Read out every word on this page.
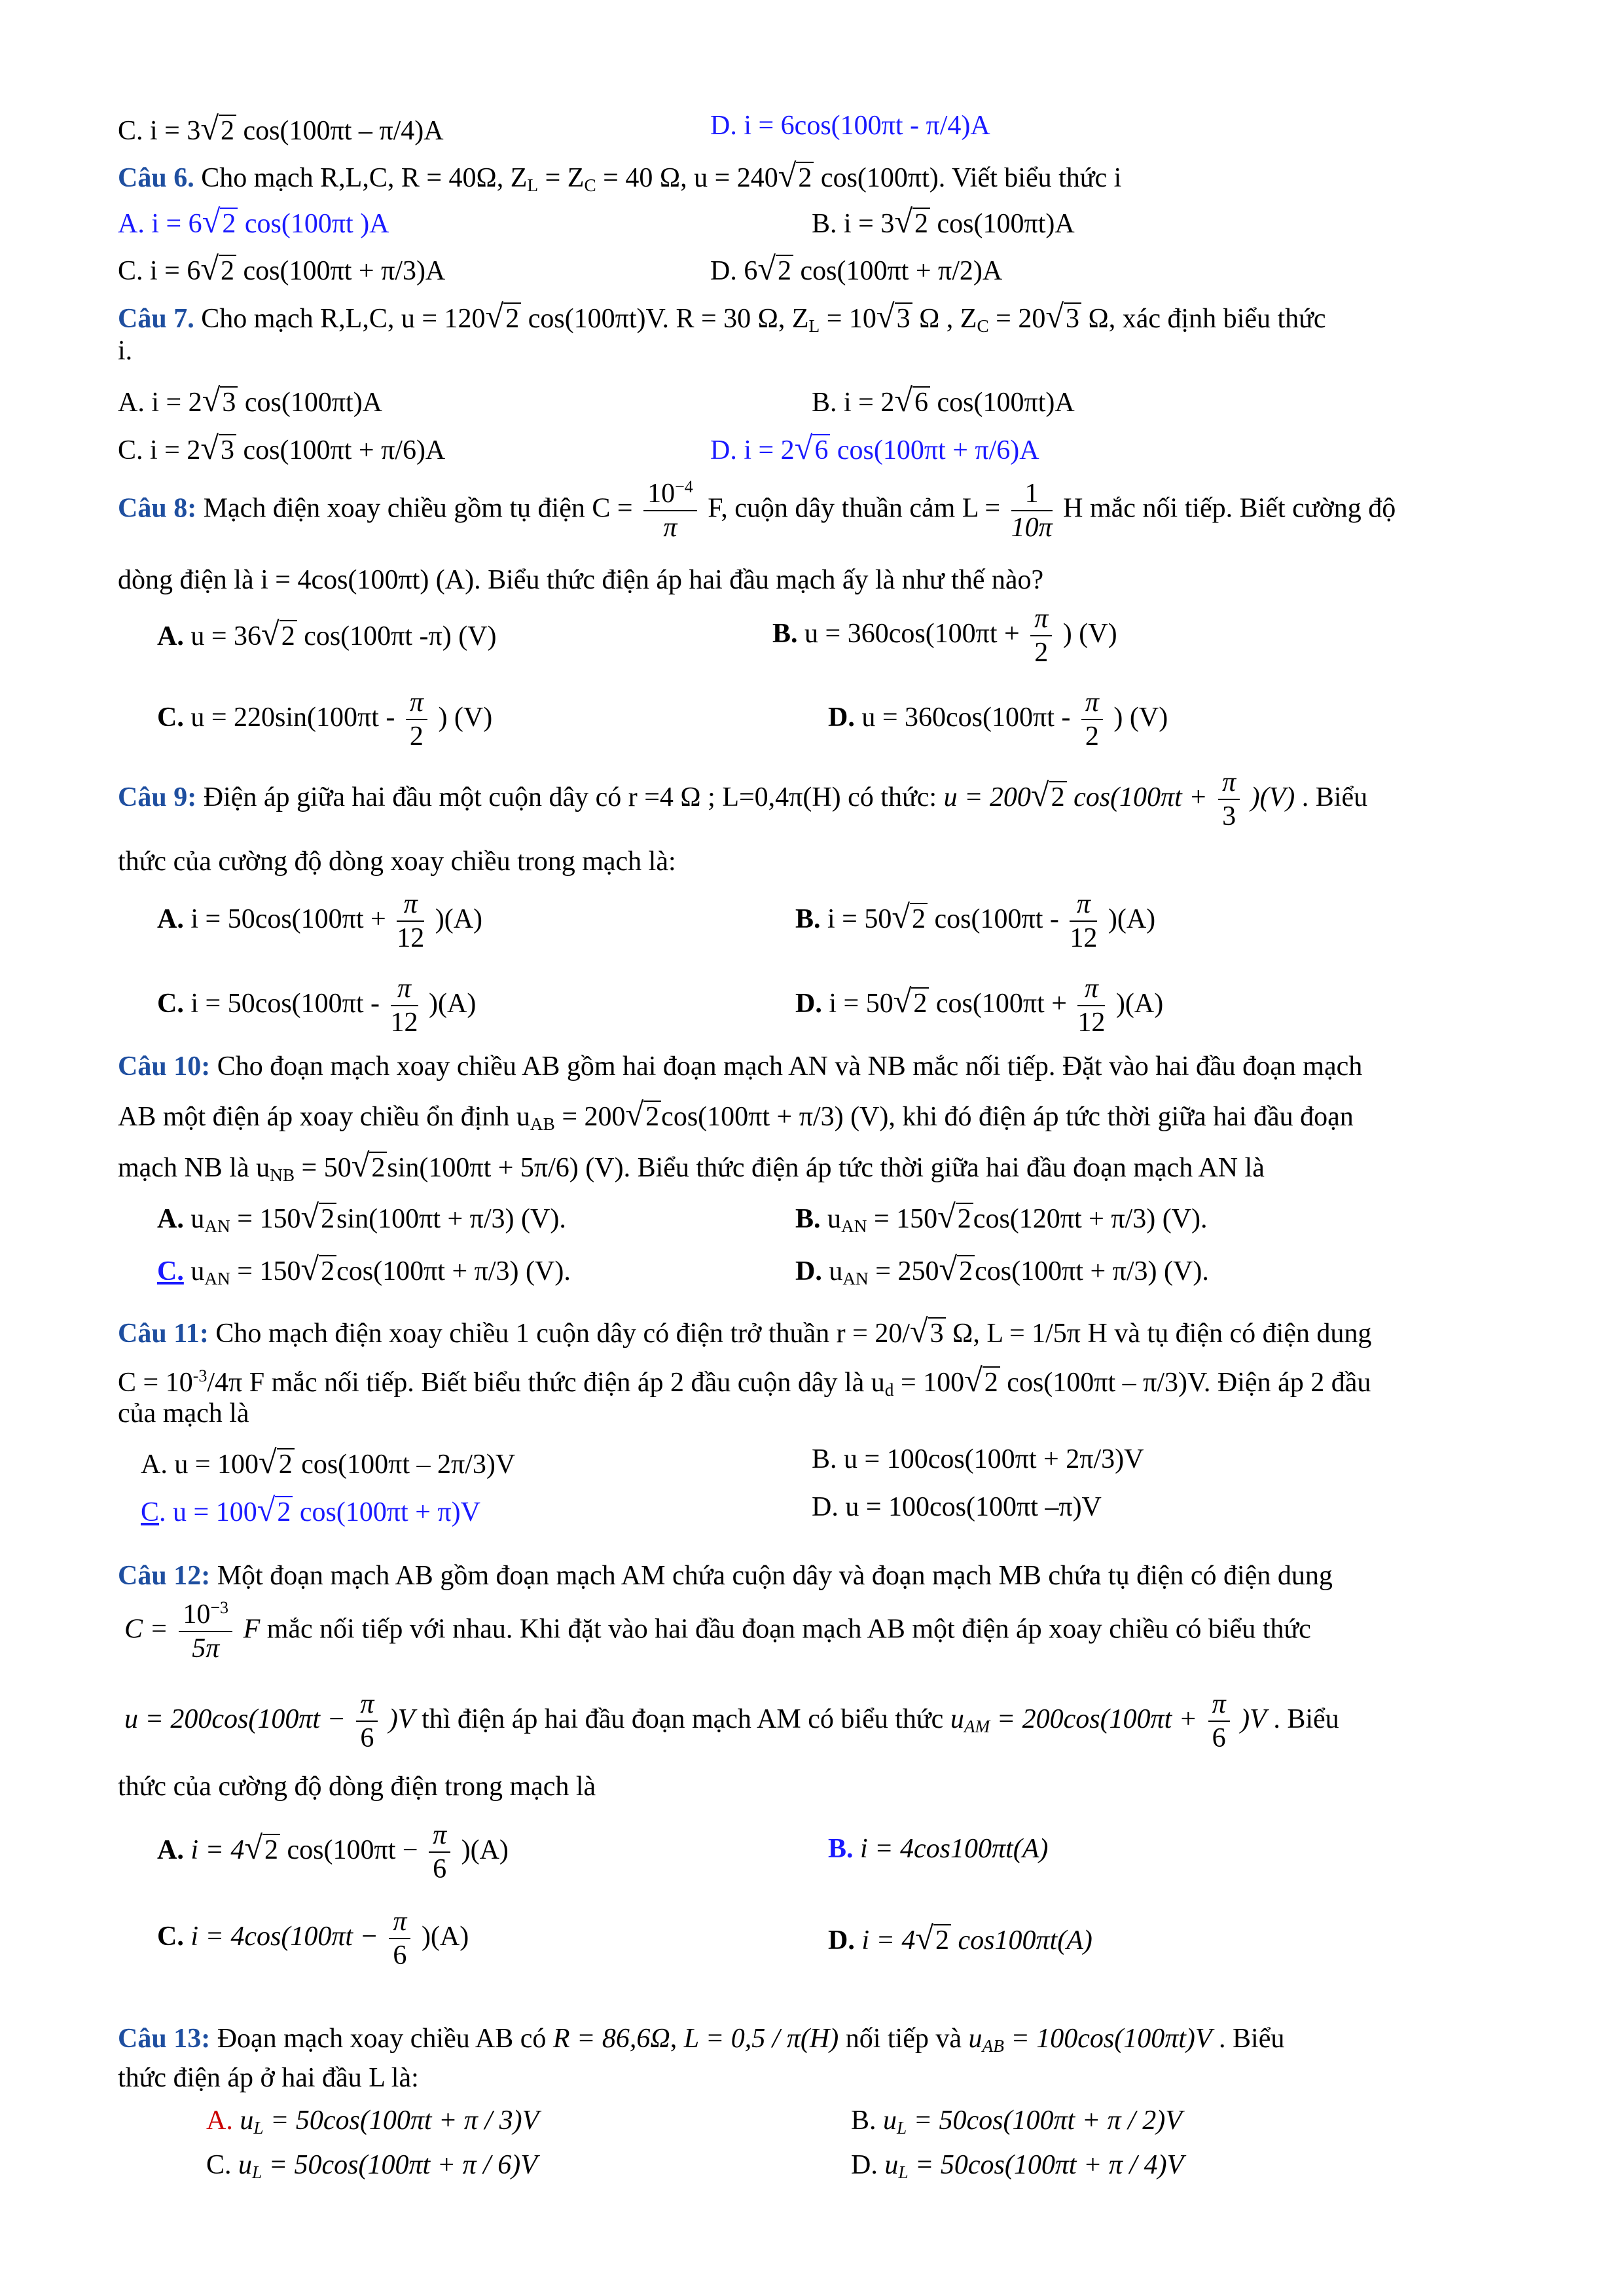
C. i = 3√2 cos(100πt – π/4)A	D. i = 6cos(100πt - π/4)A
Câu 6. Cho mạch R,L,C, R = 40Ω, $Z_L = Z_C = 40$ Ω, u = 240√2 cos(100πt). Viết biểu thức i
A. i = 6√2 cos(100πt )A	B. i = 3√2 cos(100πt)A
C. i = 6√2 cos(100πt + π/3)A	D. 6√2 cos(100πt + π/2)A
Câu 7. Cho mạch R,L,C, u = 120√2 cos(100πt)V. R = 30 Ω, $Z_L = 10√3$ Ω , $Z_C = 20√3$ Ω, xác định biểu thức
i.
A. i = 2√3 cos(100πt)A	B. i = 2√6 cos(100πt)A
C. i = 2√3 cos(100πt + π/6)A	D. i = 2√6 cos(100πt + π/6)A
Câu 8: Mạch điện xoay chiều gồm tụ điện $C = \frac{10^{-4}}{\pi} F$, cuộn dây thuần cảm $L = \frac{1}{10\pi}$ H mắc nối tiếp. Biết cường độ
dòng điện là i = 4cos(100πt) (A). Biểu thức điện áp hai đầu mạch ấy là như thế nào?
A. u = 36√2 cos(100πt -π) (V)	B. $u = 360\cos(100\pi t + \frac{\pi}{2}$ ) (V)
C. $u = 220\sin(100\pi t - \frac{\pi}{2}$ ) (V)	D. $u = 360\cos(100\pi t - \frac{\pi}{2}$ ) (V)
Câu 9: Điện áp giữa hai đầu một cuộn dây có r =4 Ω ; L=0,4π(H) có thức: u = 200√2 $\cos(100\pi t + \frac{\pi}{3} )(V)$ . Biểu
thức của cường độ dòng xoay chiều trong mạch là:
A. $i = 50\cos(100\pi t + \frac{\pi}{12} )(A)$	B. i = 50√2 $\cos(100\pi t - \frac{\pi}{12} )(A)$
C. $i = 50\cos(100\pi t - \frac{\pi}{12} )(A)$	D. i = 50√2 $\cos(100\pi t + \frac{\pi}{12} )(A)$
Câu 10: Cho đoạn mạch xoay chiều AB gồm hai đoạn mạch AN và NB mắc nối tiếp. Đặt vào hai đầu đoạn mạch
AB một điện áp xoay chiều ổn định $u_{AB} = 200√2\cos(100\pi t + \pi/3)$ (V), khi đó điện áp tức thời giữa hai đầu đoạn
mạch NB là $u_{NB} = 50√2\sin(100\pi t + 5\pi/6)$ (V). Biểu thức điện áp tức thời giữa hai đầu đoạn mạch AN là
A. $u_{AN} = 150√2\sin(100\pi t + \pi/3)$ (V).	B. $u_{AN} = 150√2\cos(120\pi t + \pi/3)$ (V).
C. $u_{AN} = 150√2\cos(100\pi t + \pi/3)$ (V).	D. $u_{AN} = 250√2\cos(100\pi t + \pi/3)$ (V).
Câu 11: Cho mạch điện xoay chiều 1 cuộn dây có điện trở thuần r = 20/√3 Ω, L = 1/5π H và tụ điện có điện dung
$C = 10^{-3}/4\pi$ F mắc nối tiếp. Biết biểu thức điện áp 2 đầu cuộn dây là $u_d = 100√2$ cos(100πt – π/3)V. Điện áp 2 đầu
của mạch là
A. u = 100√2 cos(100πt – 2π/3)V	B. u = 100cos(100πt + 2π/3)V
C. u = 100√2 cos(100πt + π)V	D. u = 100cos(100πt –π)V
Câu 12: Một đoạn mạch AB gồm đoạn mạch AM chứa cuộn dây và đoạn mạch MB chứa tụ điện có điện dung
$C = \frac{10^{-3}}{5\pi}$ F mắc nối tiếp với nhau. Khi đặt vào hai đầu đoạn mạch AB một điện áp xoay chiều có biểu thức
$u = 200\cos(100\pi t - \frac{\pi}{6} )V$ thì điện áp hai đầu đoạn mạch AM có biểu thức $u_{AM} = 200\cos(100\pi t + \frac{\pi}{6} )V$ . Biểu
thức của cường độ dòng điện trong mạch là
A. i = 4√2 $\cos(100\pi t - \frac{\pi}{6} )(A)$	B. i = 4cos100πt(A)
C. $i = 4\cos(100\pi t - \frac{\pi}{6} )(A)$	D. i = 4√2 cos100πt(A)
Câu 13: Đoạn mạch xoay chiều AB có R = 86,6Ω, L = 0,5 / π(H) nối tiếp và $u_{AB} = 100\cos(100\pi t)V$ . Biểu
thức điện áp ở hai đầu L là:
A. $u_L = 50\cos(100\pi t + \pi / 3)V$	B. $u_L = 50\cos(100\pi t + \pi / 2)V$
C. $u_L = 50\cos(100\pi t + \pi / 6)V$	D. $u_L = 50\cos(100\pi t + \pi / 4)V$
